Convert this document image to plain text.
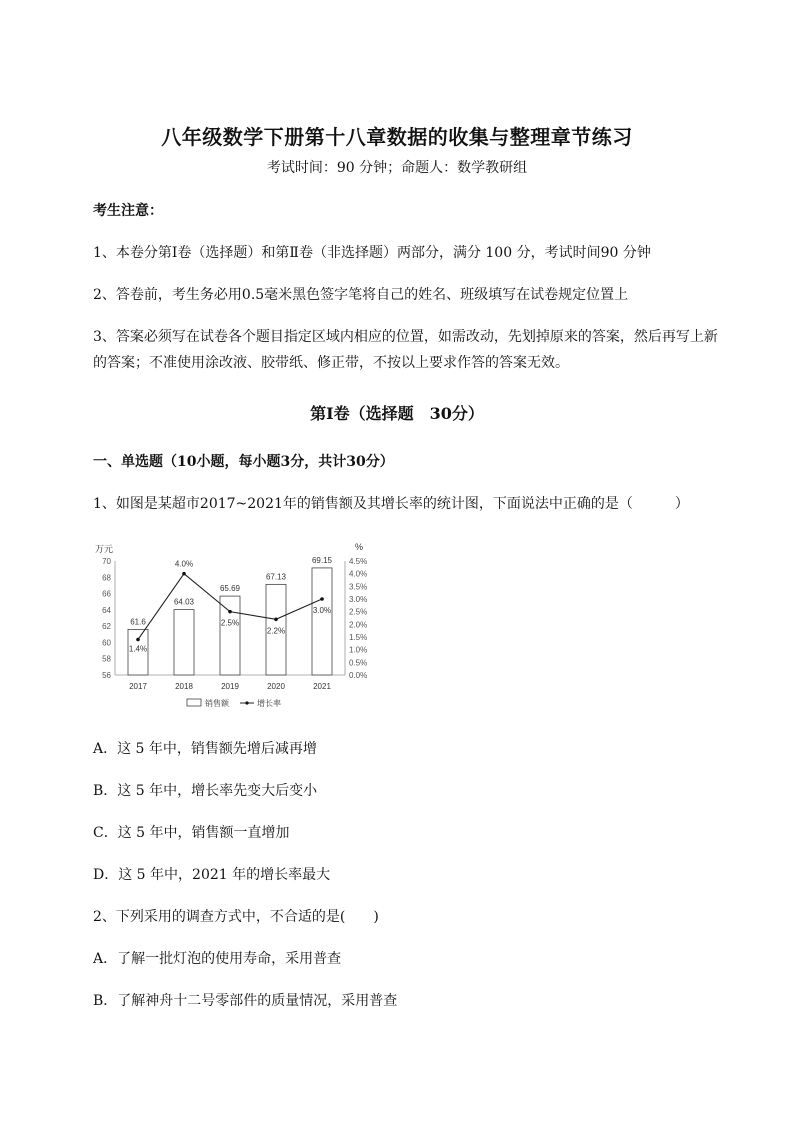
八年级数学下册第十八章数据的收集与整理章节练习
考试时间：90 分钟；命题人：数学教研组
考生注意：
1、本卷分第Ⅰ卷（选择题）和第Ⅱ卷（非选择题）两部分，满分 100 分，考试时间90 分钟
2、答卷前，考生务必用0.5毫米黑色签字笔将自己的姓名、班级填写在试卷规定位置上
3、答案必须写在试卷各个题目指定区域内相应的位置，如需改动，先划掉原来的答案，然后再写上新
的答案；不准使用涂改液、胶带纸、修正带，不按以上要求作答的答案无效。
第Ⅰ卷（选择题　30分）
一、单选题（10小题，每小题3分，共计30分）
1、如图是某超市2017~2021年的销售额及其增长率的统计图，下面说法中正确的是（　　　）
万元	%
56
58
60
62
64
66
68
70
0.0%
0.5%
1.0%
1.5%
2.0%
2.5%
3.0%
3.5%
4.0%
4.5%
61.6
64.03
65.69
67.13
69.15
2017	2018	2019	2020	2021
1.4%
4.0%
2.5%
2.2%
3.0%
销售额	增长率
A．这 5 年中，销售额先增后减再增
B．这 5 年中，增长率先变大后变小
C．这 5 年中，销售额一直增加
D．这 5 年中，2021 年的增长率最大
2、下列采用的调查方式中，不合适的是(　　)
A．了解一批灯泡的使用寿命，采用普查
B．了解神舟十二号零部件的质量情况，采用普查
